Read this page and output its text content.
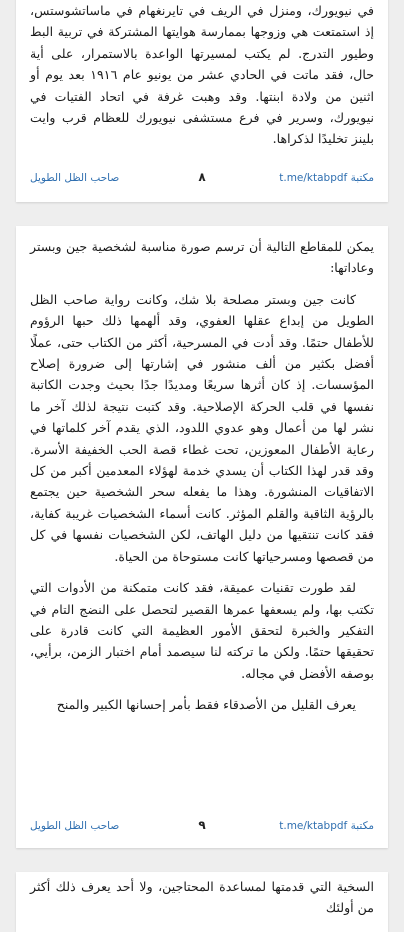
في نيويورك، ومنزل في الريف في تايرنغهام في ماساتشوستس، إذ استمتعت هي وزوجها بممارسة هوايتها المشتركة في تربية البط وطيور التدرج. لم يكتب لمسيرتها الواعدة بالاستمرار، على أية حال، فقد ماتت في الحادي عشر من يونيو عام ١٩١٦ بعد يوم أو اثنين من ولادة ابنتها. وقد وهبت غرفة في اتحاد الفتيات في نيويورك، وسرير في فرع مستشفى نيويورك للعظام قرب وايت بلينز تخليدًا لذكراها.

مكتبة t.me/ktabpdf
٨
صاحب الظل الطويل

يمكن للمقاطع التالية أن ترسم صورة مناسبة لشخصية جين وبستر وعاداتها:

كانت جين وبستر مصلحة بلا شك، وكانت رواية صاحب الظل الطويل من إبداع عقلها العفوي، وقد ألهمها ذلك حبها الرؤوم للأطفال حتمًا. وقد أدت في المسرحية، أكثر من الكتاب حتى، عملًا أفضل بكثير من ألف منشور في إشارتها إلى ضرورة إصلاح المؤسسات. إذ كان أثرها سريعًا ومديدًا جدًا بحيث وجدت الكاتبة نفسها في قلب الحركة الإصلاحية. وقد كتبت نتيجة لذلك آخر ما نشر لها من أعمال وهو عدوي اللدود، الذي يقدم آخر كلماتها في رعاية الأطفال المعوزين، تحت غطاء قصة الحب الخفيفة الأسرة. وقد قدر لهذا الكتاب أن يسدي خدمة لهؤلاء المعدمين أكبر من كل الاتفاقيات المنشورة. وهذا ما يفعله سحر الشخصية حين يجتمع بالرؤية الثاقبة والقلم المؤثر. كانت أسماء الشخصيات غريبة كفاية، فقد كانت تنتقيها من دليل الهاتف، لكن الشخصيات نفسها في كل من قصصها ومسرحياتها كانت مستوحاة من الحياة.

لقد طورت تقنيات عميقة، فقد كانت متمكنة من الأدوات التي تكتب بها، ولم يسعفها عمرها القصير لتحصل على النضج التام في التفكير والخبرة لتحقق الأمور العظيمة التي كانت قادرة على تحقيقها حتمًا. ولكن ما تركته لنا سيصمد أمام اختبار الزمن، برأيي، بوصفه الأفضل في مجاله.

يعرف القليل من الأصدقاء فقط بأمر إحسانها الكبير والمنح

مكتبة t.me/ktabpdf
٩
صاحب الظل الطويل

السخية التي قدمتها لمساعدة المحتاجين، ولا أحد يعرف ذلك أكثر من أولئك
